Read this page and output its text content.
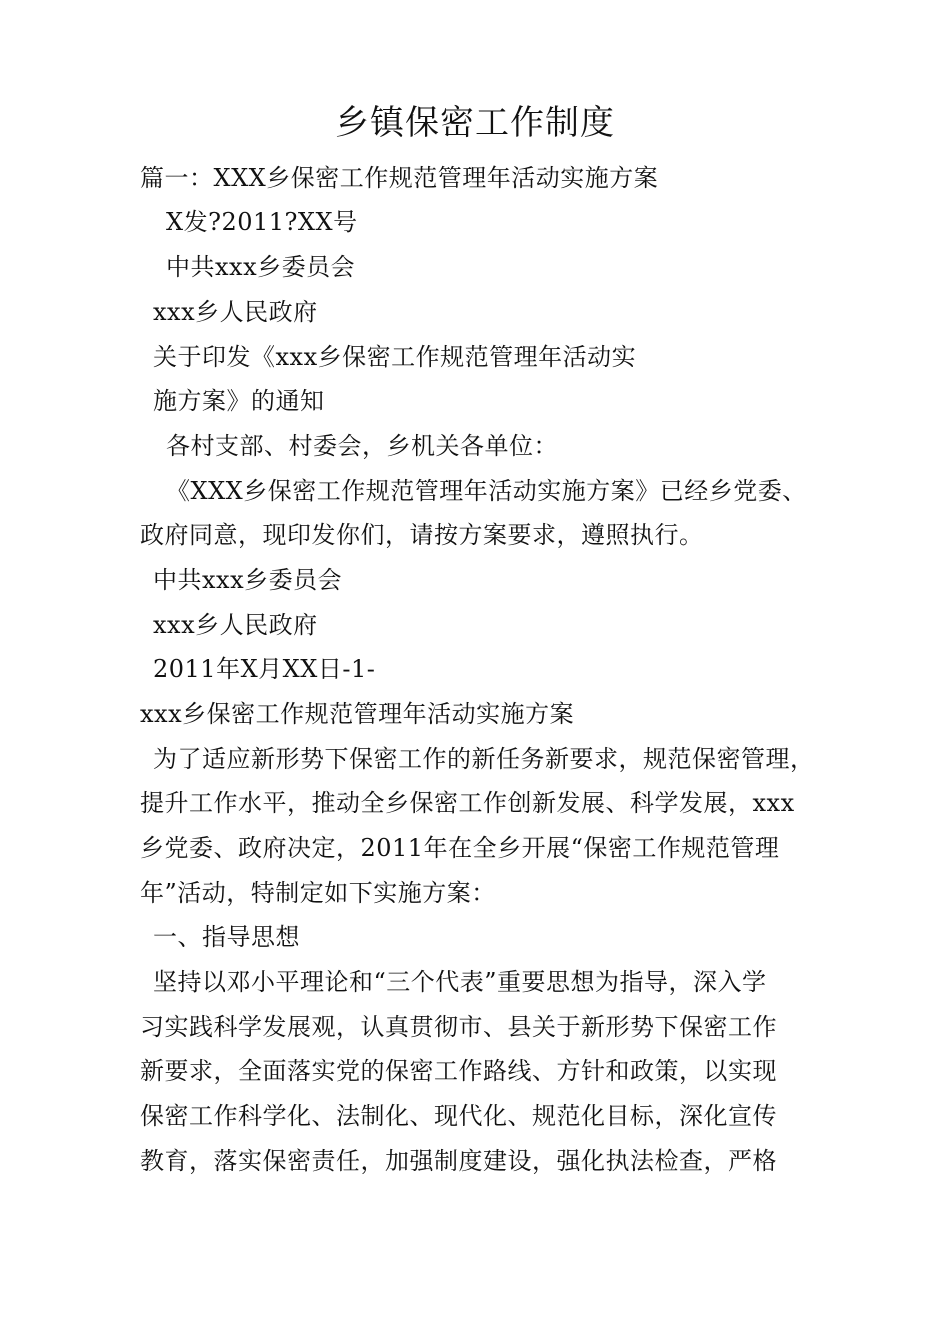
乡镇保密工作制度
篇一：XXX乡保密工作规范管理年活动实施方案
X发?2011?XX号
中共xxx乡委员会
xxx乡人民政府
关于印发《xxx乡保密工作规范管理年活动实
施方案》的通知
各村支部、村委会，乡机关各单位：
《XXX乡保密工作规范管理年活动实施方案》已经乡党委、
政府同意，现印发你们，请按方案要求，遵照执行。
中共xxx乡委员会
xxx乡人民政府
2011年X月XX日-1-
xxx乡保密工作规范管理年活动实施方案
为了适应新形势下保密工作的新任务新要求，规范保密管理，
提升工作水平，推动全乡保密工作创新发展、科学发展，xxx
乡党委、政府决定，2011年在全乡开展“保密工作规范管理
年”活动，特制定如下实施方案：
一、指导思想
坚持以邓小平理论和“三个代表”重要思想为指导，深入学
习实践科学发展观，认真贯彻市、县关于新形势下保密工作
新要求，全面落实党的保密工作路线、方针和政策，以实现
保密工作科学化、法制化、现代化、规范化目标，深化宣传
教育，落实保密责任，加强制度建设，强化执法检查，严格
